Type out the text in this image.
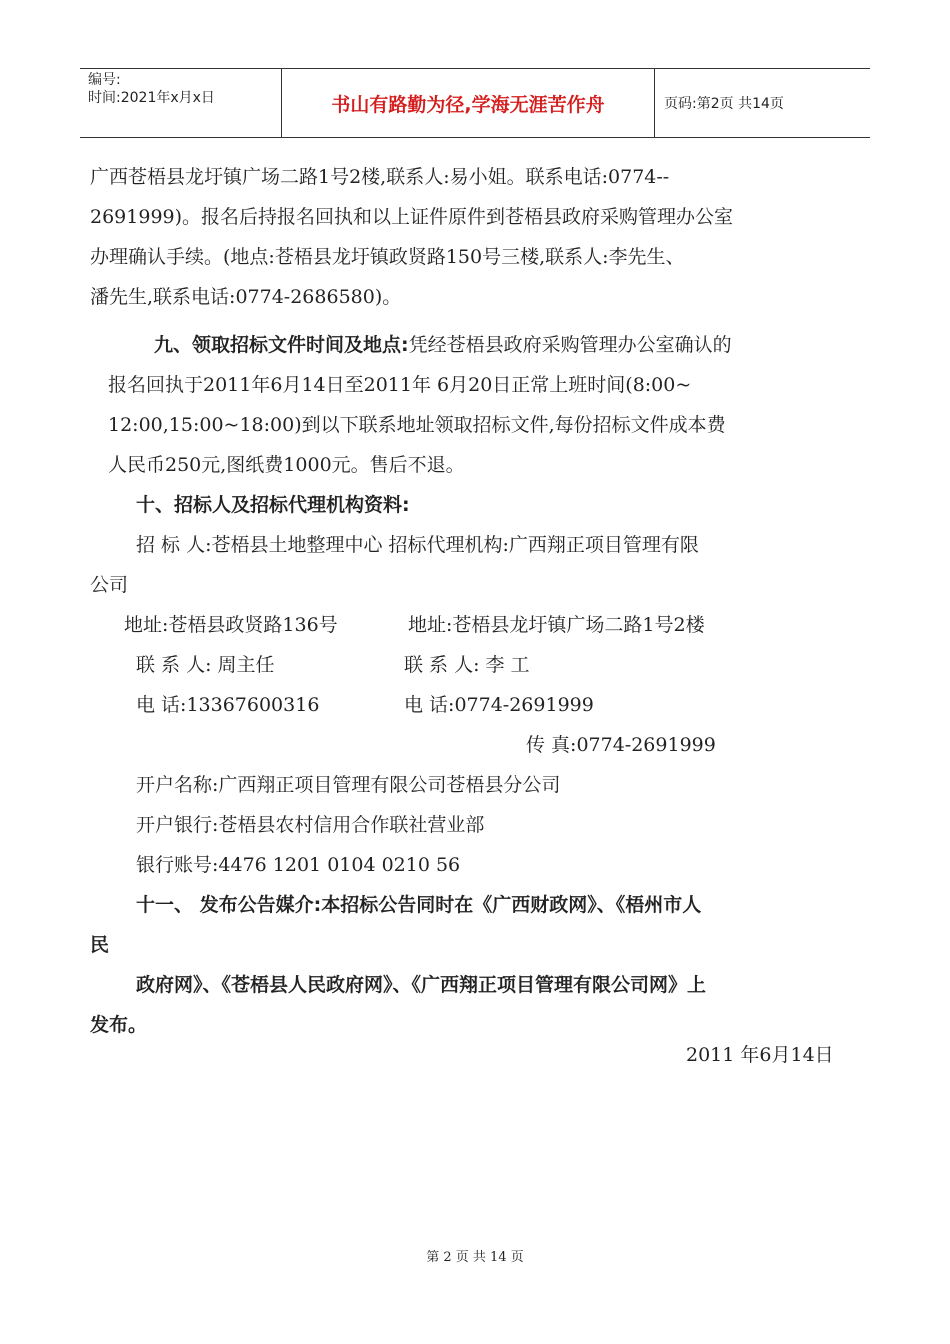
编号:
时间:2021年x月x日	书山有路勤为径,学海无涯苦作舟	页码:第2页 共14页
广西苍梧县龙圩镇广场二路1号2楼,联系人:易小姐。联系电话:0774--
2691999)。报名后持报名回执和以上证件原件到苍梧县政府采购管理办公室
办理确认手续。(地点:苍梧县龙圩镇政贤路150号三楼,联系人:李先生、
潘先生,联系电话:0774-2686580)。
九、领取招标文件时间及地点:凭经苍梧县政府采购管理办公室确认的
报名回执于2011年6月14日至2011年 6月20日正常上班时间(8:00~
12:00,15:00~18:00)到以下联系地址领取招标文件,每份招标文件成本费
人民币250元,图纸费1000元。售后不退。
十、招标人及招标代理机构资料:
招 标 人:苍梧县土地整理中心 招标代理机构:广西翔正项目管理有限
公司
地址:苍梧县政贤路136号	地址:苍梧县龙圩镇广场二路1号2楼
联 系 人: 周主任	联 系 人: 李 工
电 话:13367600316	电 话:0774-2691999
传 真:0774-2691999
开户名称:广西翔正项目管理有限公司苍梧县分公司
开户银行:苍梧县农村信用合作联社营业部
银行账号:4476 1201 0104 0210 56
十一、 发布公告媒介:本招标公告同时在《广西财政网》、《梧州市人
民
政府网》、《苍梧县人民政府网》、《广西翔正项目管理有限公司网》上
发布。
2011 年6月14日
第 2 页 共 14 页
